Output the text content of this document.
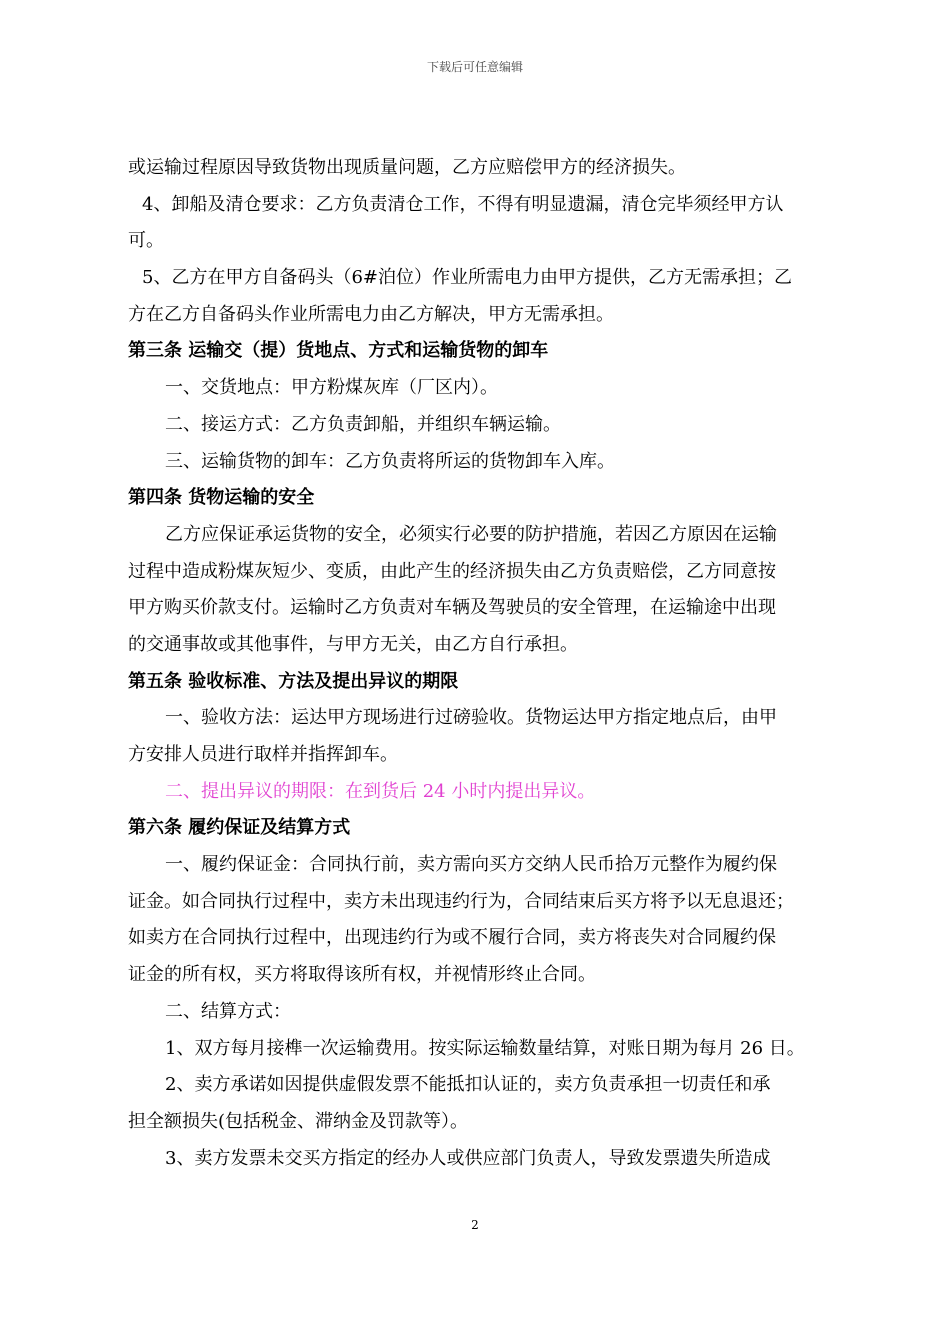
下载后可任意编辑
或运输过程原因导致货物出现质量问题，乙方应赔偿甲方的经济损失。
4、卸船及清仓要求：乙方负责清仓工作，不得有明显遗漏，清仓完毕须经甲方认
可。
5、乙方在甲方自备码头（6#泊位）作业所需电力由甲方提供，乙方无需承担；乙
方在乙方自备码头作业所需电力由乙方解决，甲方无需承担。
第三条 运输交（提）货地点、方式和运输货物的卸车
一、交货地点：甲方粉煤灰库（厂区内）。
二、接运方式：乙方负责卸船，并组织车辆运输。
三、运输货物的卸车：乙方负责将所运的货物卸车入库。
第四条 货物运输的安全
乙方应保证承运货物的安全，必须实行必要的防护措施，若因乙方原因在运输
过程中造成粉煤灰短少、变质，由此产生的经济损失由乙方负责赔偿，乙方同意按
甲方购买价款支付。运输时乙方负责对车辆及驾驶员的安全管理，在运输途中出现
的交通事故或其他事件，与甲方无关，由乙方自行承担。
第五条 验收标准、方法及提出异议的期限
一、验收方法：运达甲方现场进行过磅验收。货物运达甲方指定地点后，由甲
方安排人员进行取样并指挥卸车。
二、提出异议的期限：在到货后 24 小时内提出异议。
第六条 履约保证及结算方式
一、履约保证金：合同执行前，卖方需向买方交纳人民币拾万元整作为履约保
证金。如合同执行过程中，卖方未出现违约行为，合同结束后买方将予以无息退还；
如卖方在合同执行过程中，出现违约行为或不履行合同，卖方将丧失对合同履约保
证金的所有权，买方将取得该所有权，并视情形终止合同。
二、结算方式：
1、双方每月接榫一次运输费用。按实际运输数量结算，对账日期为每月 26 日。
2、卖方承诺如因提供虚假发票不能抵扣认证的，卖方负责承担一切责任和承
担全额损失(包括税金、滞纳金及罚款等）。
3、卖方发票未交买方指定的经办人或供应部门负责人，导致发票遗失所造成
2
